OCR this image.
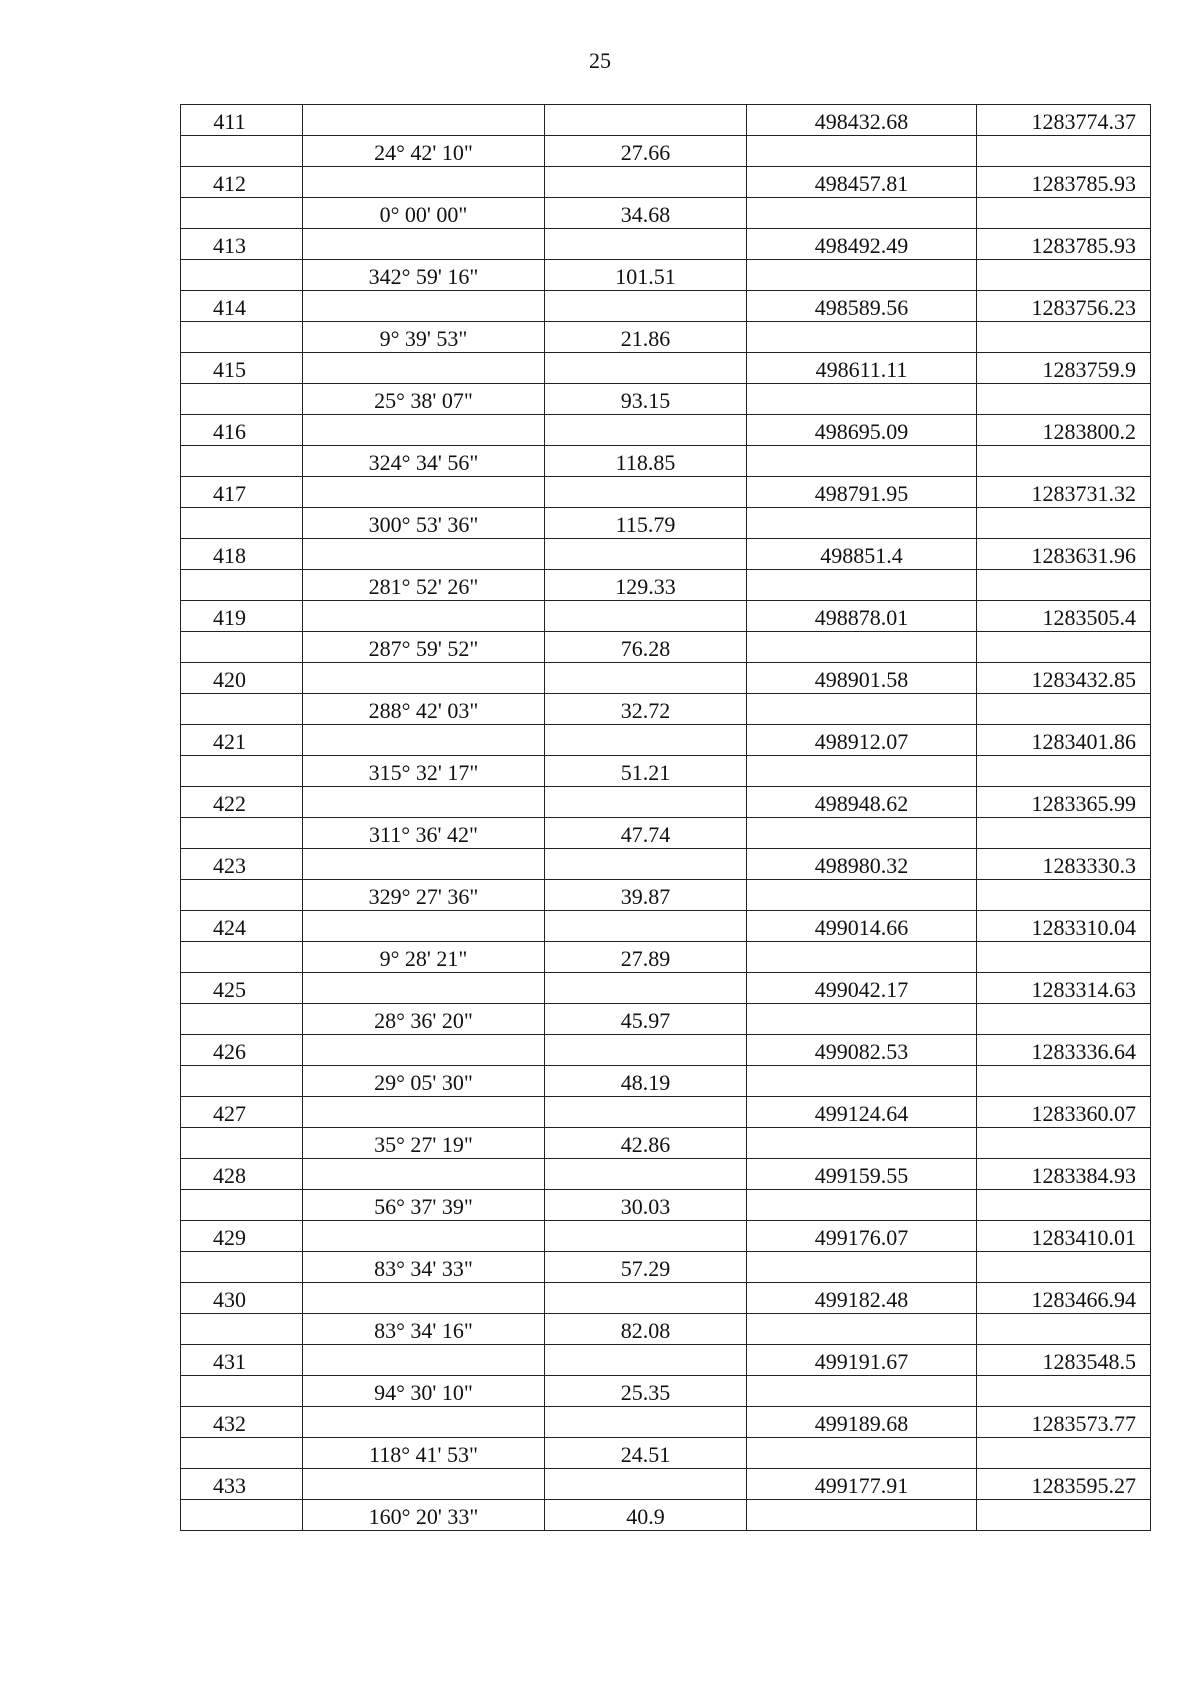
25
411			498432.68	1283774.37
	24° 42' 10"	27.66		
412			498457.81	1283785.93
	0° 00' 00"	34.68		
413			498492.49	1283785.93
	342° 59' 16"	101.51		
414			498589.56	1283756.23
	9° 39' 53"	21.86		
415			498611.11	1283759.9
	25° 38' 07"	93.15		
416			498695.09	1283800.2
	324° 34' 56"	118.85		
417			498791.95	1283731.32
	300° 53' 36"	115.79		
418			498851.4	1283631.96
	281° 52' 26"	129.33		
419			498878.01	1283505.4
	287° 59' 52"	76.28		
420			498901.58	1283432.85
	288° 42' 03"	32.72		
421			498912.07	1283401.86
	315° 32' 17"	51.21		
422			498948.62	1283365.99
	311° 36' 42"	47.74		
423			498980.32	1283330.3
	329° 27' 36"	39.87		
424			499014.66	1283310.04
	9° 28' 21"	27.89		
425			499042.17	1283314.63
	28° 36' 20"	45.97		
426			499082.53	1283336.64
	29° 05' 30"	48.19		
427			499124.64	1283360.07
	35° 27' 19"	42.86		
428			499159.55	1283384.93
	56° 37' 39"	30.03		
429			499176.07	1283410.01
	83° 34' 33"	57.29		
430			499182.48	1283466.94
	83° 34' 16"	82.08		
431			499191.67	1283548.5
	94° 30' 10"	25.35		
432			499189.68	1283573.77
	118° 41' 53"	24.51		
433			499177.91	1283595.27
	160° 20' 33"	40.9		
